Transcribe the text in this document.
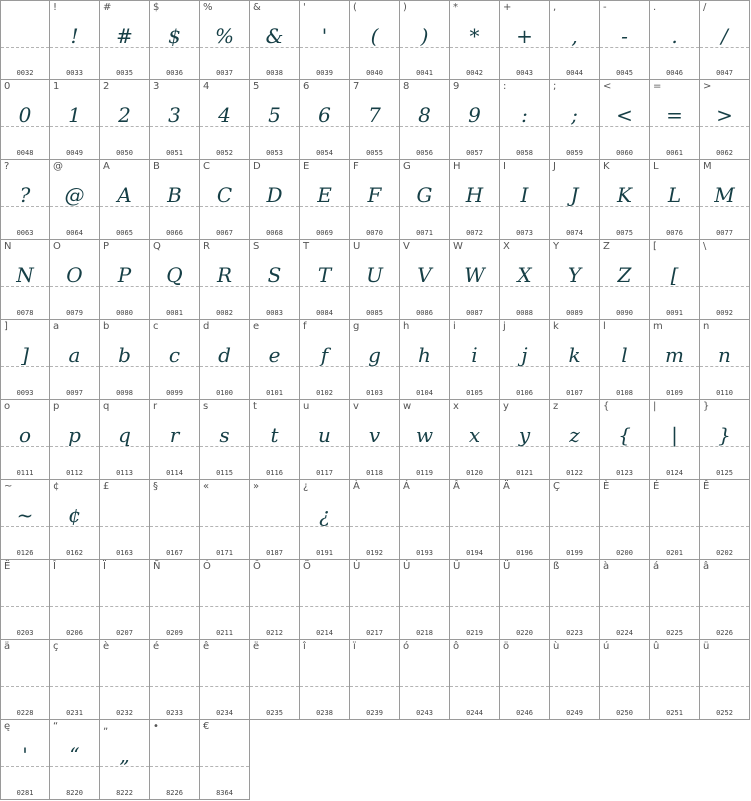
0032
!
!
0033
#
#
0035
$
$
0036
%
%
0037
&
&
0038
'
'
0039
(
(
0040
)
)
0041
*
*
0042
+
+
0043
,
,
0044
-
-
0045
.
.
0046
/
/
0047
0
0
0048
1
1
0049
2
2
0050
3
3
0051
4
4
0052
5
5
0053
6
6
0054
7
7
0055
8
8
0056
9
9
0057
:
:
0058
;
;
0059
<
<
0060
=
=
0061
>
>
0062
?
?
0063
@
@
0064
A
A
0065
B
B
0066
C
C
0067
D
D
0068
E
E
0069
F
F
0070
G
G
0071
H
H
0072
I
I
0073
J
J
0074
K
K
0075
L
L
0076
M
M
0077
N
N
0078
O
O
0079
P
P
0080
Q
Q
0081
R
R
0082
S
S
0083
T
T
0084
U
U
0085
V
V
0086
W
W
0087
X
X
0088
Y
Y
0089
Z
Z
0090
[
[
0091
\
0092
]
]
0093
a
a
0097
b
b
0098
c
c
0099
d
d
0100
e
e
0101
f
f
0102
g
g
0103
h
h
0104
i
i
0105
j
j
0106
k
k
0107
l
l
0108
m
m
0109
n
n
0110
o
o
0111
p
p
0112
q
q
0113
r
r
0114
s
s
0115
t
t
0116
u
u
0117
v
v
0118
w
w
0119
x
x
0120
y
y
0121
z
z
0122
{
{
0123
|
|
0124
}
}
0125
~
~
0126
¢
¢
0162
£
0163
§
0167
«
0171
»
0187
¿
¿
0191
À
0192
Á
0193
Â
0194
Ä
0196
Ç
0199
È
0200
É
0201
Ê
0202
Ë
0203
Î
0206
Ï
0207
Ñ
0209
Ó
0211
Ô
0212
Ö
0214
Ù
0217
Ú
0218
Û
0219
Ü
0220
ß
0223
à
0224
á
0225
â
0226
ä
0228
ç
0231
è
0232
é
0233
ê
0234
ë
0235
î
0238
ï
0239
ó
0243
ô
0244
ö
0246
ù
0249
ú
0250
û
0251
ü
0252
ę
'
0281
“
“
8220
„
„
8222
•
8226
€
8364
